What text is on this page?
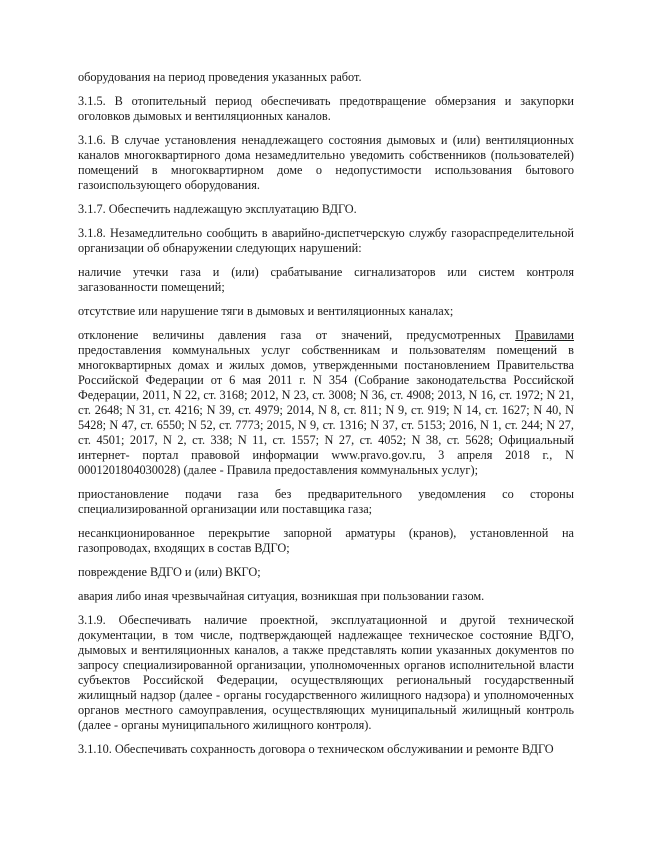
оборудования на период проведения указанных работ.

3.1.5. В отопительный период обеспечивать предотвращение обмерзания и закупорки оголовков дымовых и вентиляционных каналов.

3.1.6. В случае установления ненадлежащего состояния дымовых и (или) вентиляционных каналов многоквартирного дома незамедлительно уведомить собственников (пользователей) помещений в многоквартирном доме о недопустимости использования бытового газоиспользующего оборудования.

3.1.7. Обеспечить надлежащую эксплуатацию ВДГО.

3.1.8. Незамедлительно сообщить в аварийно-диспетчерскую службу газораспределительной организации об обнаружении следующих нарушений:

наличие утечки газа и (или) срабатывание сигнализаторов или систем контроля загазованности помещений;

отсутствие или нарушение тяги в дымовых и вентиляционных каналах;

отклонение величины давления газа от значений, предусмотренных Правилами предоставления коммунальных услуг собственникам и пользователям помещений в многоквартирных домах и жилых домов, утвержденными постановлением Правительства Российской Федерации от 6 мая 2011 г. N 354 (Собрание законодательства Российской Федерации, 2011, N 22, ст. 3168; 2012, N 23, ст. 3008; N 36, ст. 4908; 2013, N 16, ст. 1972; N 21, ст. 2648; N 31, ст. 4216; N 39, ст. 4979; 2014, N 8, ст. 811; N 9, ст. 919; N 14, ст. 1627; N 40, N 5428; N 47, ст. 6550; N 52, ст. 7773; 2015, N 9, ст. 1316; N 37, ст. 5153; 2016, N 1, ст. 244; N 27, ст. 4501; 2017, N 2, ст. 338; N 11, ст. 1557; N 27, ст. 4052; N 38, ст. 5628; Официальный интернет- портал правовой информации www.pravo.gov.ru, 3 апреля 2018 г., N 0001201804030028) (далее - Правила предоставления коммунальных услуг);

приостановление подачи газа без предварительного уведомления со стороны специализированной организации или поставщика газа;

несанкционированное перекрытие запорной арматуры (кранов), установленной на газопроводах, входящих в состав ВДГО;

повреждение ВДГО и (или) ВКГО;

авария либо иная чрезвычайная ситуация, возникшая при пользовании газом.

3.1.9. Обеспечивать наличие проектной, эксплуатационной и другой технической документации, в том числе, подтверждающей надлежащее техническое состояние ВДГО, дымовых и вентиляционных каналов, а также представлять копии указанных документов по запросу специализированной организации, уполномоченных органов исполнительной власти субъектов Российской Федерации, осуществляющих региональный государственный жилищный надзор (далее - органы государственного жилищного надзора) и уполномоченных органов местного самоуправления, осуществляющих муниципальный жилищный контроль (далее - органы муниципального жилищного контроля).

3.1.10. Обеспечивать сохранность договора о техническом обслуживании и ремонте ВДГО
